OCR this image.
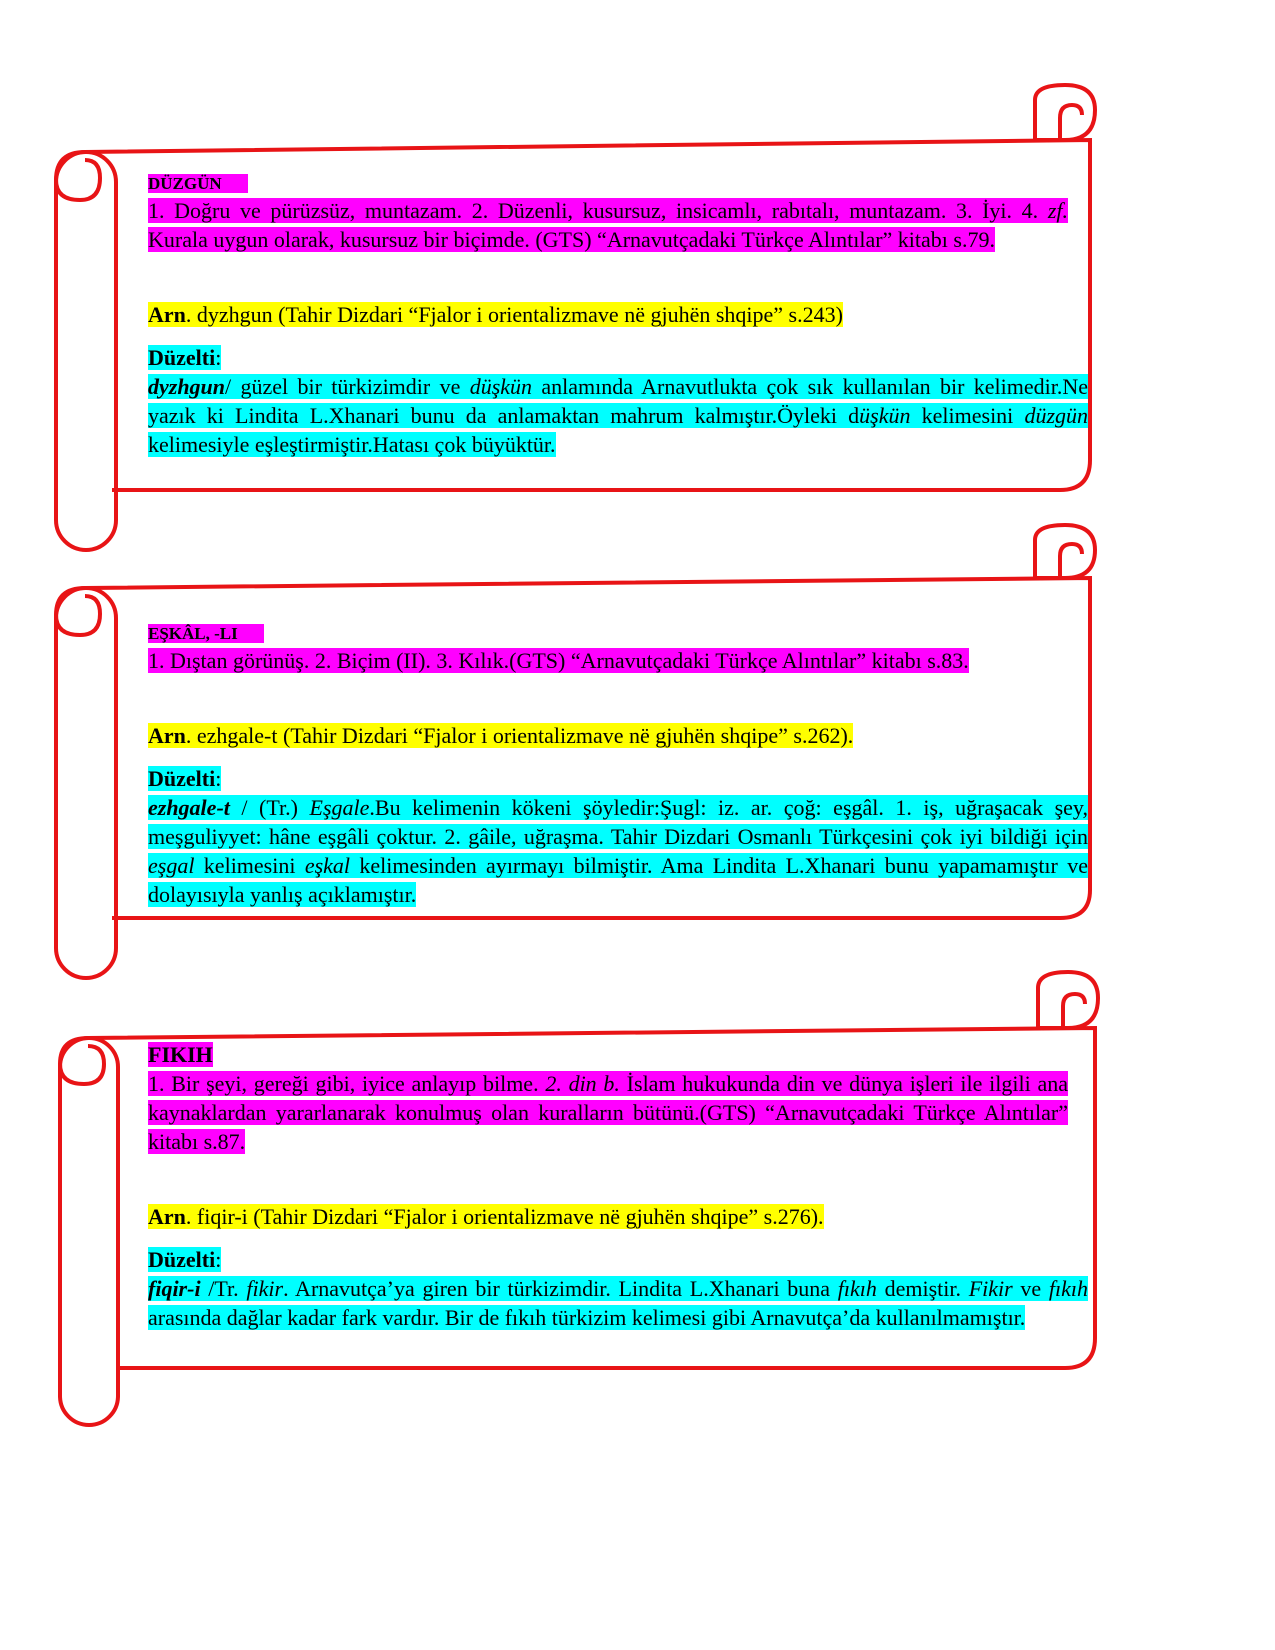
DÜZGÜN
1. Doğru ve pürüzsüz, muntazam. 2. Düzenli, kusursuz, insicamlı, rabıtalı, muntazam. 3. İyi. 4. zf. Kurala uygun olarak, kusursuz bir biçimde. (GTS) “Arnavutçadaki Türkçe Alıntılar” kitabı s.79.
Arn. dyzhgun (Tahir Dizdari “Fjalor i orientalizmave në gjuhën shqipe” s.243)
Düzelti:
dyzhgun/ güzel bir türkizimdir ve düşkün anlamında Arnavutlukta çok sık kullanılan bir kelimedir.Ne yazık ki Lindita L.Xhanari bunu da anlamaktan mahrum kalmıştır.Öyleki düşkün kelimesini düzgün kelimesiyle eşleştirmiştir.Hatası çok büyüktür.
EŞKÂL, -LI
1. Dıştan görünüş. 2. Biçim (II). 3. Kılık.(GTS) “Arnavutçadaki Türkçe Alıntılar” kitabı s.83.
Arn. ezhgale-t (Tahir Dizdari “Fjalor i orientalizmave në gjuhën shqipe” s.262).
Düzelti:
ezhgale-t / (Tr.) Eşgale.Bu kelimenin kökeni şöyledir:Şugl: iz. ar. çoğ: eşgâl. 1. iş, uğraşacak şey, meşguliyyet: hâne eşgâli çoktur. 2. gâile, uğraşma. Tahir Dizdari Osmanlı Türkçesini çok iyi bildiği için eşgal kelimesini eşkal kelimesinden ayırmayı bilmiştir. Ama Lindita L.Xhanari bunu yapamamıştır ve dolayısıyla yanlış açıklamıştır.
FIKIH
1. Bir şeyi, gereği gibi, iyice anlayıp bilme. 2. din b. İslam hukukunda din ve dünya işleri ile ilgili ana kaynaklardan yararlanarak konulmuş olan kuralların bütünü.(GTS) “Arnavutçadaki Türkçe Alıntılar” kitabı s.87.
Arn. fiqir-i (Tahir Dizdari “Fjalor i orientalizmave në gjuhën shqipe” s.276).
Düzelti:
fiqir-i /Tr. fikir. Arnavutça’ya giren bir türkizimdir. Lindita L.Xhanari buna fıkıh demiştir. Fikir ve fıkıh arasında dağlar kadar fark vardır. Bir de fıkıh türkizim kelimesi gibi Arnavutça’da kullanılmamıştır.
